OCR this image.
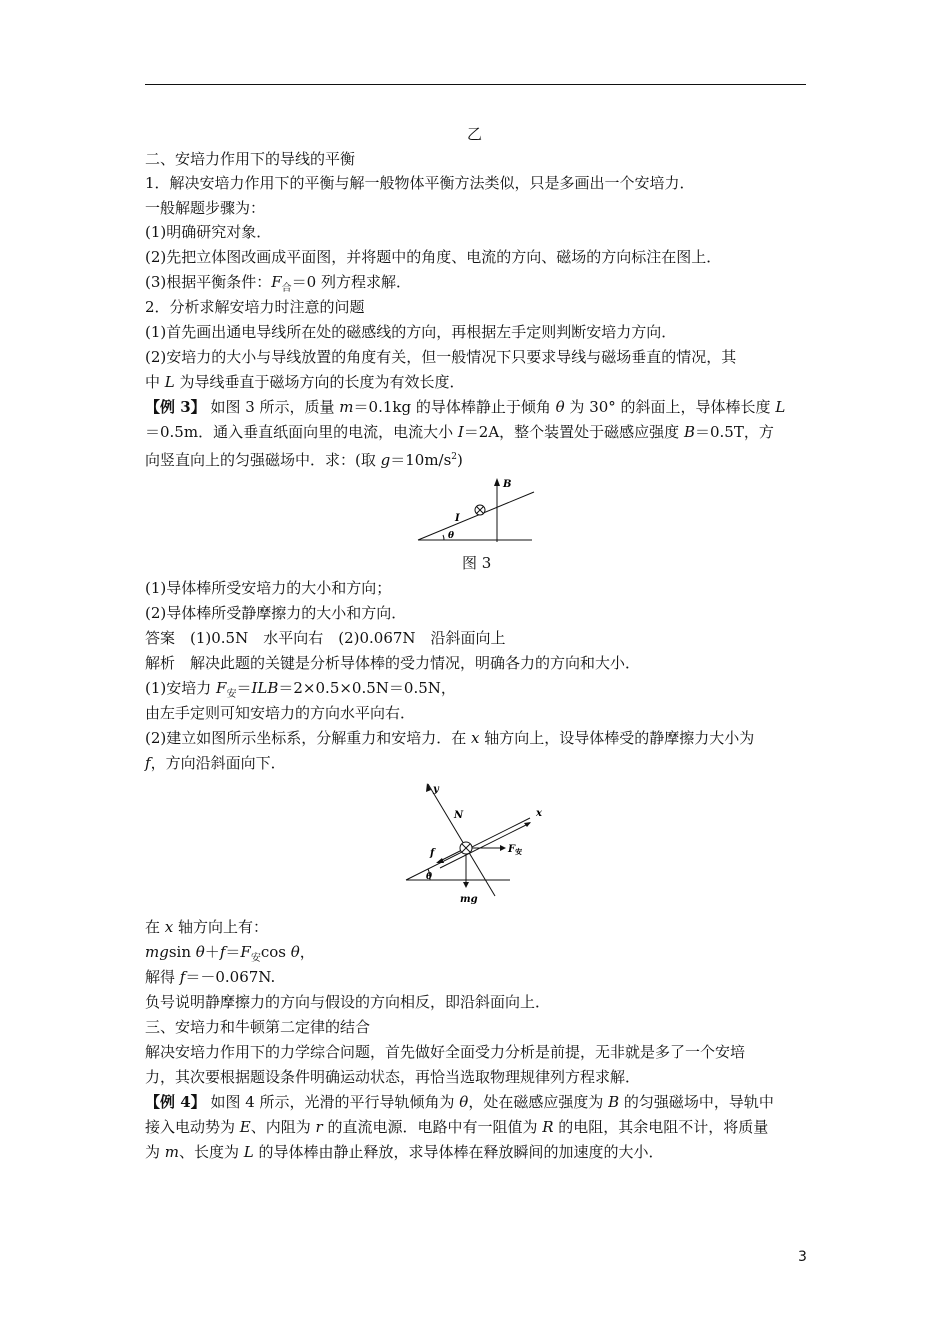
乙
二、安培力作用下的导线的平衡
1．解决安培力作用下的平衡与解一般物体平衡方法类似，只是多画出一个安培力．
一般解题步骤为：
(1)明确研究对象．
(2)先把立体图改画成平面图，并将题中的角度、电流的方向、磁场的方向标注在图上．
(3)根据平衡条件：$F_合=0$ 列方程求解．
2．分析求解安培力时注意的问题
(1)首先画出通电导线所在处的磁感线的方向，再根据左手定则判断安培力方向．
(2)安培力的大小与导线放置的角度有关，但一般情况下只要求导线与磁场垂直的情况，其
中 L 为导线垂直于磁场方向的长度为有效长度．
【例 3】 如图 3 所示，质量 m＝0.1kg 的导体棒静止于倾角 θ 为 30° 的斜面上，导体棒长度 L
＝0.5m．通入垂直纸面向里的电流，电流大小 I＝2A，整个装置处于磁感应强度 B＝0.5T，方
向竖直向上的匀强磁场中．求：(取 $g=10m/s^2$)
B
I
θ
图 3
(1)导体棒所受安培力的大小和方向；
(2)导体棒所受静摩擦力的大小和方向．
答案　(1)0.5N　水平向右　(2)0.067N　沿斜面向上
解析　解决此题的关键是分析导体棒的受力情况，明确各力的方向和大小．
(1)安培力 $F_安=ILB=2\times 0.5\times 0.5N=0.5N$，
由左手定则可知安培力的方向水平向右．
(2)建立如图所示坐标系，分解重力和安培力．在 x 轴方向上，设导体棒受的静摩擦力大小为
f，方向沿斜面向下．
y
N	x
$F_安$
f
θ
mg
在 x 轴方向上有：
mgsin $\theta+f=F_安\cos$ θ，
解得 f＝－0.067N.
负号说明静摩擦力的方向与假设的方向相反，即沿斜面向上．
三、安培力和牛顿第二定律的结合
解决安培力作用下的力学综合问题，首先做好全面受力分析是前提，无非就是多了一个安培
力，其次要根据题设条件明确运动状态，再恰当选取物理规律列方程求解．
【例 4】 如图 4 所示，光滑的平行导轨倾角为 θ，处在磁感应强度为 B 的匀强磁场中，导轨中
接入电动势为 E、内阻为 r 的直流电源．电路中有一阻值为 R 的电阻，其余电阻不计，将质量
为 m、长度为 L 的导体棒由静止释放，求导体棒在释放瞬间的加速度的大小．
3
